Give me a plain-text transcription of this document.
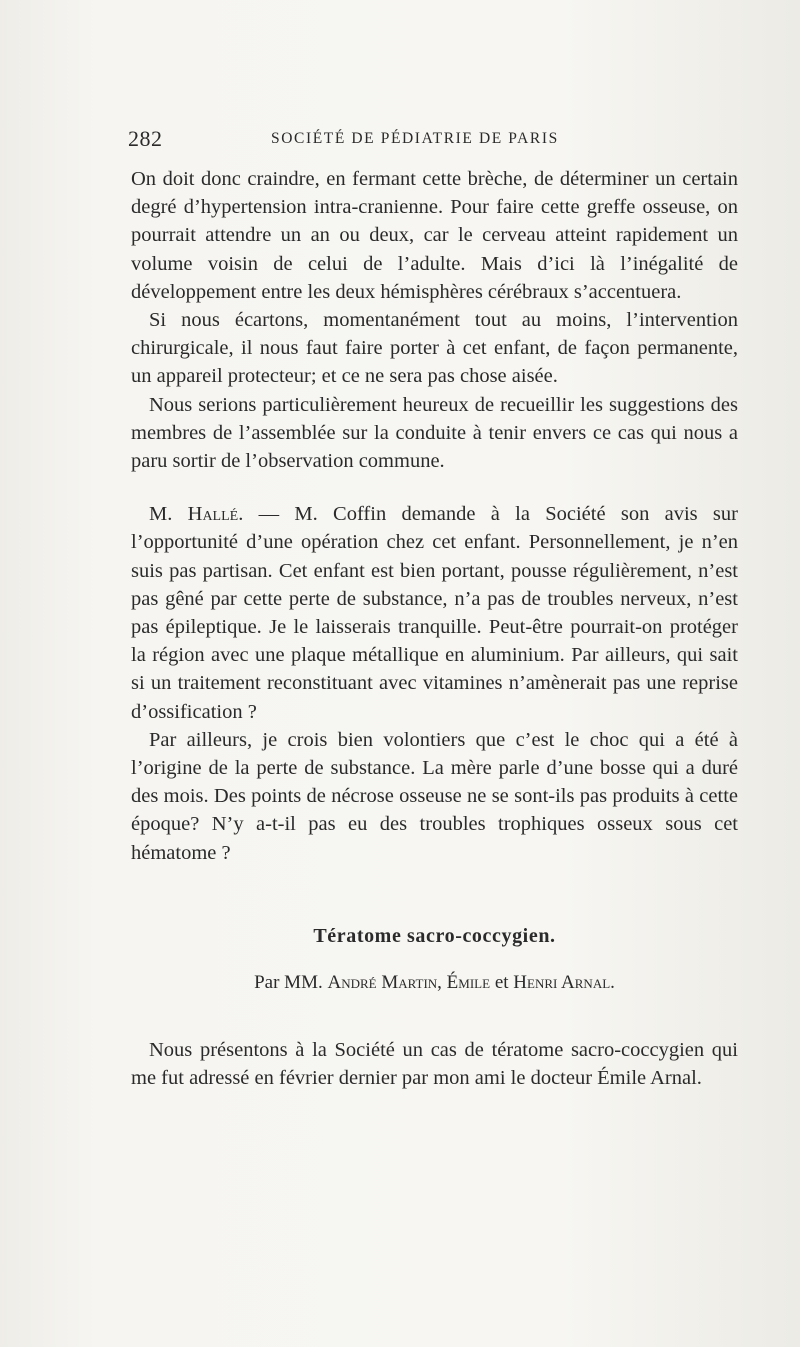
282	SOCIÉTÉ DE PÉDIATRIE DE PARIS

On doit donc craindre, en fermant cette brèche, de déterminer un certain degré d’hypertension intra-cranienne. Pour faire cette greffe osseuse, on pourrait attendre un an ou deux, car le cerveau atteint rapidement un volume voisin de celui de l’adulte. Mais d’ici là l’inégalité de développement entre les deux hémisphères cérébraux s’accentuera.

Si nous écartons, momentanément tout au moins, l’intervention chirurgicale, il nous faut faire porter à cet enfant, de façon permanente, un appareil protecteur; et ce ne sera pas chose aisée.

Nous serions particulièrement heureux de recueillir les suggestions des membres de l’assemblée sur la conduite à tenir envers ce cas qui nous a paru sortir de l’observation commune.

M. Hallé. — M. Coffin demande à la Société son avis sur l’opportunité d’une opération chez cet enfant. Personnellement, je n’en suis pas partisan. Cet enfant est bien portant, pousse régulièrement, n’est pas gêné par cette perte de substance, n’a pas de troubles nerveux, n’est pas épileptique. Je le laisserais tranquille. Peut-être pourrait-on protéger la région avec une plaque métallique en aluminium. Par ailleurs, qui sait si un traitement reconstituant avec vitamines n’amènerait pas une reprise d’ossification ?

Par ailleurs, je crois bien volontiers que c’est le choc qui a été à l’origine de la perte de substance. La mère parle d’une bosse qui a duré des mois. Des points de nécrose osseuse ne se sont-ils pas produits à cette époque? N’y a-t-il pas eu des troubles trophiques osseux sous cet hématome ?

Tératome sacro-coccygien.
Par MM. André Martin, Émile et Henri Arnal.

Nous présentons à la Société un cas de tératome sacro-coccygien qui me fut adressé en février dernier par mon ami le docteur Émile Arnal.
